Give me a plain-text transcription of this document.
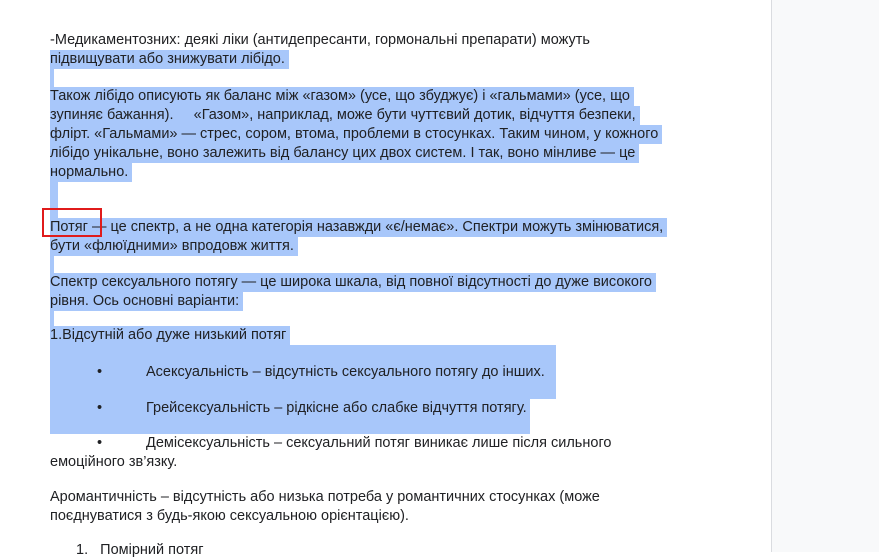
-Медикаментозних: деякі ліки (антидепресанти, гормональні препарати) можуть
підвищувати або знижувати лібідо.
Також лібідо описують як баланс між «газом» (усе, що збуджує) і «гальмами» (усе, що
зупиняє бажання).     «Газом», наприклад, може бути чуттєвий дотик, відчуття безпеки,
флірт. «Гальмами» — стрес, сором, втома, проблеми в стосунках. Таким чином, у кожного
лібідо унікальне, воно залежить від балансу цих двох систем. І так, воно мінливе — це
нормально.
Потяг — це спектр, а не одна категорія назавжди «є/немає». Спектри можуть змінюватися,
бути «флюїдними» впродовж життя.
Спектр сексуального потягу — це широка шкала, від повної відсутності до дуже високого
рівня. Ось основні варіанти:
1.Відсутній або дуже низький потяг
•	Асексуальність – відсутність сексуального потягу до інших.
•	Грейсексуальність – рідкісне або слабке відчуття потягу.
•	Демісексуальність – сексуальний потяг виникає лише після сильного
емоційного зв’язку.
Аромантичність – відсутність або низька потреба у романтичних стосунках (може
поєднуватися з будь-якою сексуальною орієнтацією).
1.   Помірний потяг
